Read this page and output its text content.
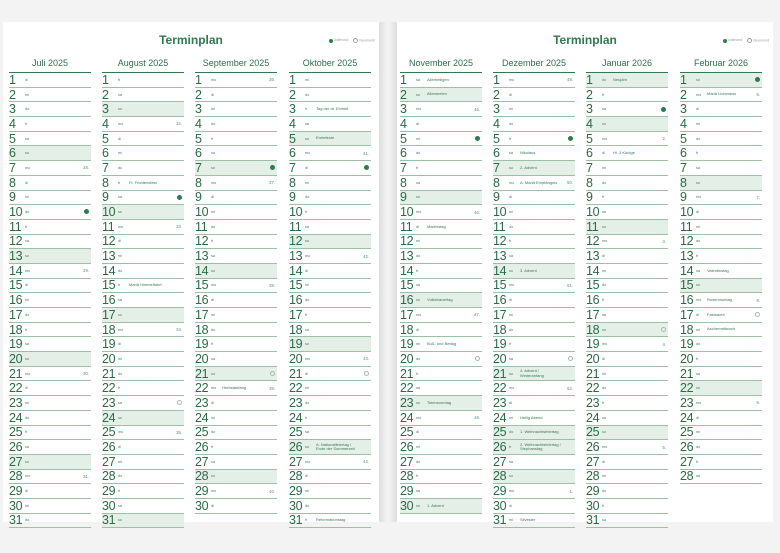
Terminplan	Vollmond	Neumond
Juli 2025
1	di
2	mi
3	do
4	fr
5	sa
6	so
7	mo	28.
8	di
9	mi
10 do
11 fr
12 sa
13 so
14 mo	29.
15 di
16 mi
17 do
18 fr
19 sa
20 so
21 mo	30.
22 di
23 mi
24 do
25 fr
26 sa
27 so
28 mo	31.
29 di
30 mi
31 do
August 2025
1	fr
2	sa
3	so
4	mo	32.
5	di
6	mi
7	do
8	fr	Fr. Friedensfest
9	sa
10 so
11 mo	33.
12 di
13 mi
14 do
15 fr	Mariä Himmelfahrt
16 sa
17 so
18 mo	34.
19 di
20 mi
21 do
22 fr
23 sa
24 so
25 mo	35.
26 di
27 mi
28 do
29 fr
30 sa
31 so
September 2025
1	mo	36.
2	di
3	mi
4	do
5	fr
6	sa
7	so
8	mo	37.
9	di
10 mi
11 do
12 fr
13 sa
14 so
15 mo	38.
16 di
17 mi
18 do
19 fr
20 sa
21 so
22 mo	Herbstanfang	39.
23 di
24 mi
25 do
26 fr
27 sa
28 so
29 mo	40.
30 di
Oktober 2025
1	mi
2	do
3	fr	Tag der dt. Einheit
4	sa
5	so	Erntefeste
6	mo	41.
7	di
8	mi
9	do
10 fr
11 sa
12 so
13 mo	42.
14 di
15 mi
16 do
17 fr
18 sa
19 so
20 mo	43.
21 di
22 mi
23 do
24 fr
25 sa
26 so
A: Nationalfeiertag / Ende der Sommerzeit
27 mo	44.
28 di
29 mi
30 do
31 fr	Reformationstag
Terminplan	Vollmond	Neumond
November 2025
1	sa	Allerheiligen
2	so	Allerseelen
3	mo	45.
4	di
5	mi
6	do
7	fr
8	sa
9	so
10 mo	46.
11 di	Martinstag
12 mi
13 do
14 fr
15 sa
16 so	Volkstrauertag
17 mo	47.
18 di
19 mi	Buß- und Bettag
20 do
21 fr
22 sa
23 so	Totensonntag
24 mo	48.
25 di
26 mi
27 do
28 fr
29 sa
30 so	1. Advent
Dezember 2025
1	mo	49.
2	di
3	mi
4	do
5	fr
6	sa	Nikolaus
7	so	2. Advent
8	mo	A: Mariä Empfängnis	50.
9	di
10 mi
11 do
12 fr
13 sa
14 so	3. Advent
15 mo	51.
16 di
17 mi
18 do
19 fr
20 sa
21 so
4. Advent / Winteranfang
22 mo	52.
23 di
24 mi	Heilig Abend
25 do	1. Weihnachtsfeiertag
26 fr
2. Weihnachtsfeiertag / Stephanstag
27 sa
28 so
29 mo	1.
30 di
31 mi	Silvester
Januar 2026
1	do	Neujahr
2	fr
3	sa
4	so
5	mo	2.
6	di	Hl. 3 Könige
7	mi
8	do
9	fr
10 sa
11 so
12 mo	3.
13 di
14 mi
15 do
16 fr
17 sa
18 so
19 mo	4.
20 di
21 mi
22 do
23 fr
24 sa
25 so
26 mo	5.
27 di
28 mi
29 do
30 fr
31 sa
Februar 2026
1	so
2	mo	Mariä Lichtmess	6.
3	di
4	mi
5	do
6	fr
7	sa
8	so
9	mo	7.
10 di
11 mi
12 do
13 fr
14 sa	Valentinstag
15 so
16 mo	Rosenmontag	8.
17 di	Fastnacht
18 mi	Aschermittwoch
19 do
20 fr
21 sa
22 so
23 mo	9.
24 di
25 mi
26 do
27 fr
28 sa
